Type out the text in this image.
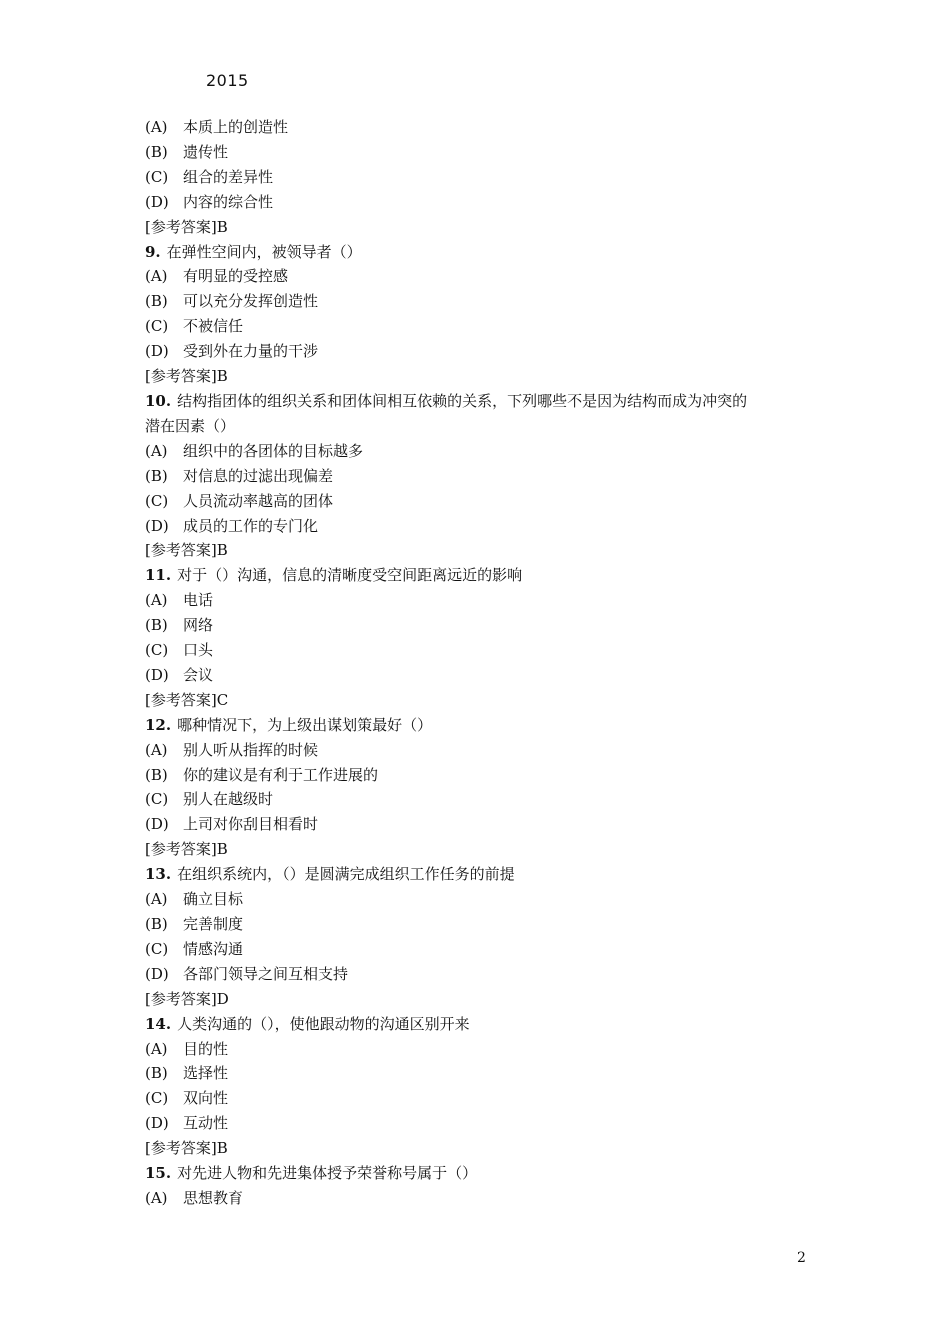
2015
(A) 本质上的创造性
(B) 遗传性
(C) 组合的差异性
(D) 内容的综合性
[参考答案]B
9. 在弹性空间内，被领导者（）
(A) 有明显的受控感
(B) 可以充分发挥创造性
(C) 不被信任
(D) 受到外在力量的干涉
[参考答案]B
10. 结构指团体的组织关系和团体间相互依赖的关系，下列哪些不是因为结构而成为冲突的
潜在因素（）
(A) 组织中的各团体的目标越多
(B) 对信息的过滤出现偏差
(C) 人员流动率越高的团体
(D) 成员的工作的专门化
[参考答案]B
11. 对于（）沟通，信息的清晰度受空间距离远近的影响
(A) 电话
(B) 网络
(C) 口头
(D) 会议
[参考答案]C
12. 哪种情况下，为上级出谋划策最好（）
(A) 别人听从指挥的时候
(B) 你的建议是有利于工作进展的
(C) 别人在越级时
(D) 上司对你刮目相看时
[参考答案]B
13. 在组织系统内，（）是圆满完成组织工作任务的前提
(A) 确立目标
(B) 完善制度
(C) 情感沟通
(D) 各部门领导之间互相支持
[参考答案]D
14. 人类沟通的（），使他跟动物的沟通区别开来
(A) 目的性
(B) 选择性
(C) 双向性
(D) 互动性
[参考答案]B
15. 对先进人物和先进集体授予荣誉称号属于（）
(A) 思想教育
2
